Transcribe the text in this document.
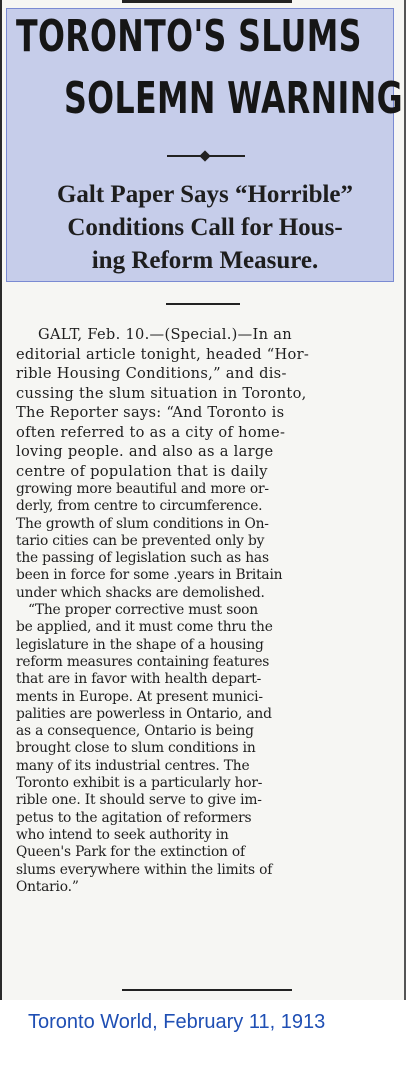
TORONTO'S SLUMS
SOLEMN WARNING
Galt Paper Says “Horrible”
Conditions Call for Hous-
ing Reform Measure.
GALT, Feb. 10.—(Special.)—In an
editorial article tonight, headed “Hor-
rible Housing Conditions,” and dis-
cussing the slum situation in Toronto,
The Reporter says: “And Toronto is
often referred to as a city of home-
loving people. and also as a large
centre of population that is daily
growing more beautiful and more or-
derly, from centre to circumference.
The growth of slum conditions in On-
tario cities can be prevented only by
the passing of legislation such as has
been in force for some .years in Britain
under which shacks are demolished.
“The proper corrective must soon
be applied, and it must come thru the
legislature in the shape of a housing
reform measures containing features
that are in favor with health depart-
ments in Europe. At present munici-
palities are powerless in Ontario, and
as a consequence, Ontario is being
brought close to slum conditions in
many of its industrial centres. The
Toronto exhibit is a particularly hor-
rible one. It should serve to give im-
petus to the agitation of reformers
who intend to seek authority in
Queen's Park for the extinction of
slums everywhere within the limits of
Ontario.”

Toronto World, February 11, 1913
